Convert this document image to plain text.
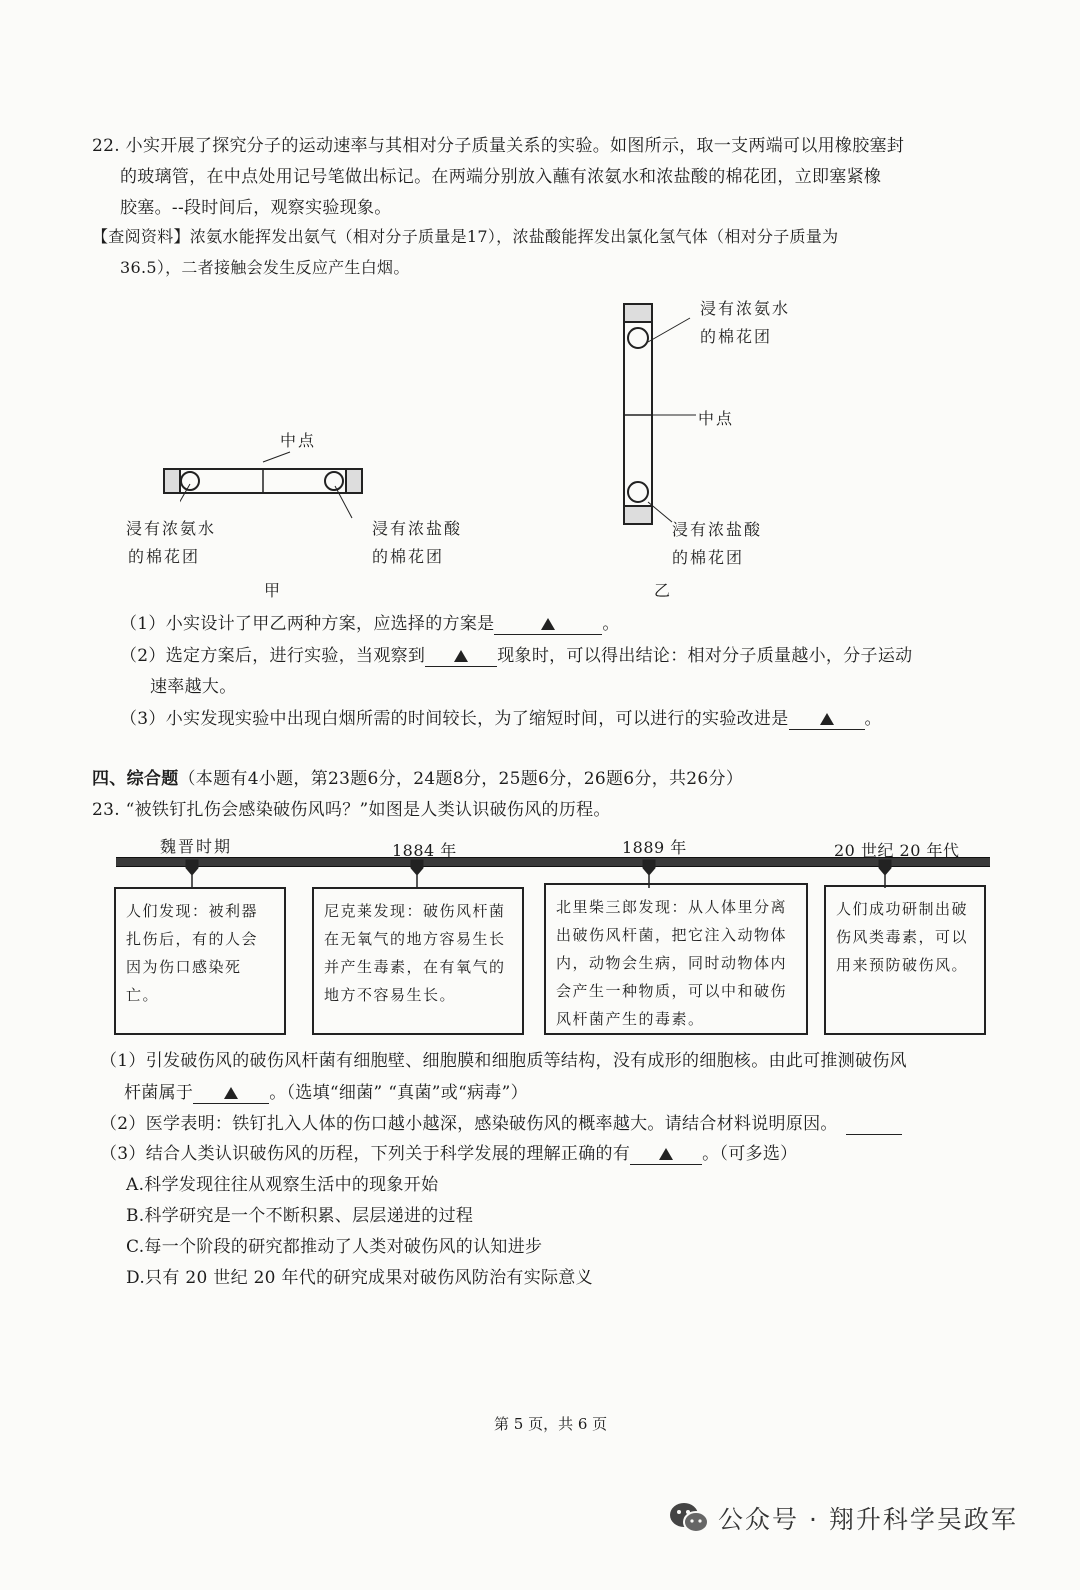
22. 小实开展了探究分子的运动速率与其相对分子质量关系的实验。如图所示，取一支两端可以用橡胶塞封
的玻璃管，在中点处用记号笔做出标记。在两端分别放入蘸有浓氨水和浓盐酸的棉花团，立即塞紧橡
胶塞。--段时间后，观察实验现象。
【查阅资料】浓氨水能挥发出氨气（相对分子质量是17），浓盐酸能挥发出氯化氢气体（相对分子质量为
36.5），二者接触会发生反应产生白烟。
中点
浸有浓氨水
的棉花团
浸有浓盐酸
的棉花团
甲
浸有浓氨水
的棉花团
中点
浸有浓盐酸
的棉花团
乙
（1）小实设计了甲乙两种方案，应选择的方案是	。
（2）选定方案后，进行实验，当观察到	现象时，可以得出结论：相对分子质量越小，分子运动
速率越大。
（3）小实发现实验中出现白烟所需的时间较长，为了缩短时间，可以进行的实验改进是	。
四、综合题（本题有4小题，第23题6分，24题8分，25题6分，26题6分，共26分）
23. “被铁钉扎伤会感染破伤风吗？”如图是人类认识破伤风的历程。
魏晋时期	1884 年	1889 年	20 世纪 20 年代
人们发现：被利器扎伤后，有的人会因为伤口感染死亡。
尼克莱发现：破伤风杆菌在无氧气的地方容易生长并产生毒素，在有氧气的地方不容易生长。
北里柴三郎发现：从人体里分离出破伤风杆菌，把它注入动物体内，动物会生病，同时动物体内会产生一种物质，可以中和破伤风杆菌产生的毒素。
人们成功研制出破伤风类毒素，可以用来预防破伤风。
（1）引发破伤风的破伤风杆菌有细胞壁、细胞膜和细胞质等结构，没有成形的细胞核。由此可推测破伤风
杆菌属于	。（选填“细菌” “真菌”或“病毒”）
（2）医学表明：铁钉扎入人体的伤口越小越深，感染破伤风的概率越大。请结合材料说明原因。
（3）结合人类认识破伤风的历程，下列关于科学发展的理解正确的有	。（可多选）
A.科学发现往往从观察生活中的现象开始
B.科学研究是一个不断积累、层层递进的过程
C.每一个阶段的研究都推动了人类对破伤风的认知进步
D.只有 20 世纪 20 年代的研究成果对破伤风防治有实际意义
第 5 页，共 6 页
公众号 · 翔升科学吴政军
